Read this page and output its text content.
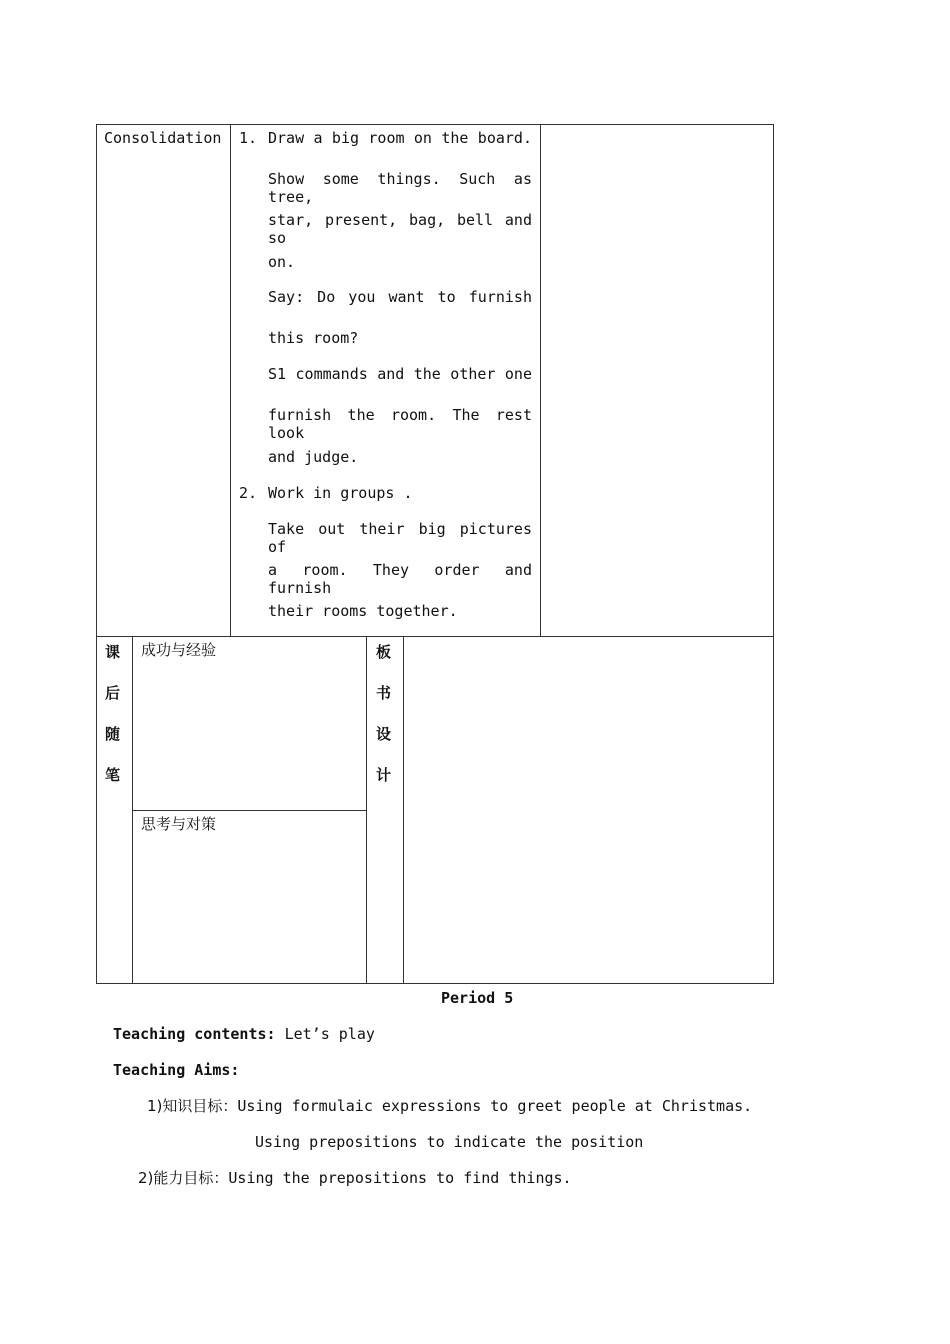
Consolidation 1. Draw a big room on the board.
Show some things. Such as tree,
star, present, bag, bell and so
on.
Say: Do you want to furnish
this room?
S1 commands and the other one
furnish the room. The rest look
and judge.
2. Work in groups .
Take out their big pictures of
a room. They order and furnish
their rooms together.
课
后
随
笔
成功与经验
思考与对策
板
书
设
计
Period 5
Teaching contents: Let’s play
Teaching Aims:
1)知识目标：Using formulaic expressions to greet people at Christmas.
Using prepositions to indicate the position
2)能力目标：Using the prepositions to find things.
